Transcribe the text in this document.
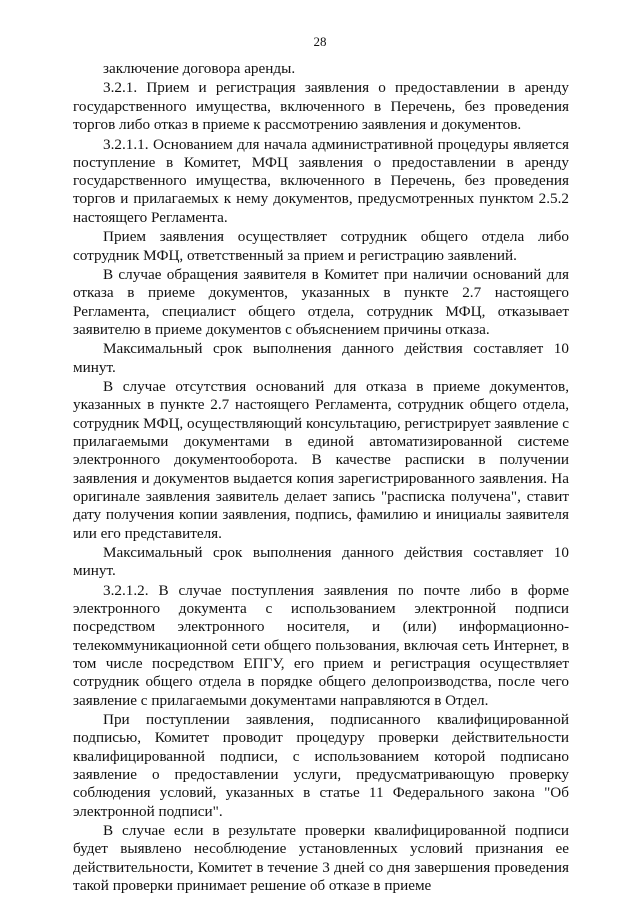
28

заключение договора аренды.

3.2.1. Прием и регистрация заявления о предоставлении в аренду государственного имущества, включенного в Перечень, без проведения торгов либо отказ в приеме к рассмотрению заявления и документов.

3.2.1.1. Основанием для начала административной процедуры является поступление в Комитет, МФЦ заявления о предоставлении в аренду государственного имущества, включенного в Перечень, без проведения торгов и прилагаемых к нему документов, предусмотренных пунктом 2.5.2 настоящего Регламента.

Прием заявления осуществляет сотрудник общего отдела либо сотрудник МФЦ, ответственный за прием и регистрацию заявлений.

В случае обращения заявителя в Комитет при наличии оснований для отказа в приеме документов, указанных в пункте 2.7 настоящего Регламента, специалист общего отдела, сотрудник МФЦ, отказывает заявителю в приеме документов с объяснением причины отказа.

Максимальный срок выполнения данного действия составляет 10 минут.

В случае отсутствия оснований для отказа в приеме документов, указанных в пункте 2.7 настоящего Регламента, сотрудник общего отдела, сотрудник МФЦ, осуществляющий консультацию, регистрирует заявление с прилагаемыми документами в единой автоматизированной системе электронного документооборота. В качестве расписки в получении заявления и документов выдается копия зарегистрированного заявления. На оригинале заявления заявитель делает запись "расписка получена", ставит дату получения копии заявления, подпись, фамилию и инициалы заявителя или его представителя.

Максимальный срок выполнения данного действия составляет 10 минут.

3.2.1.2. В случае поступления заявления по почте либо в форме электронного документа с использованием электронной подписи посредством электронного носителя, и (или) информационно-телекоммуникационной сети общего пользования, включая сеть Интернет, в том числе посредством ЕПГУ, его прием и регистрация осуществляет сотрудник общего отдела в порядке общего делопроизводства, после чего заявление с прилагаемыми документами направляются в Отдел.

При поступлении заявления, подписанного квалифицированной подписью, Комитет проводит процедуру проверки действительности квалифицированной подписи, с использованием которой подписано заявление о предоставлении услуги, предусматривающую проверку соблюдения условий, указанных в статье 11 Федерального закона "Об электронной подписи".

В случае если в результате проверки квалифицированной подписи будет выявлено несоблюдение установленных условий признания ее действительности, Комитет в течение 3 дней со дня завершения проведения такой проверки принимает решение об отказе в приеме
